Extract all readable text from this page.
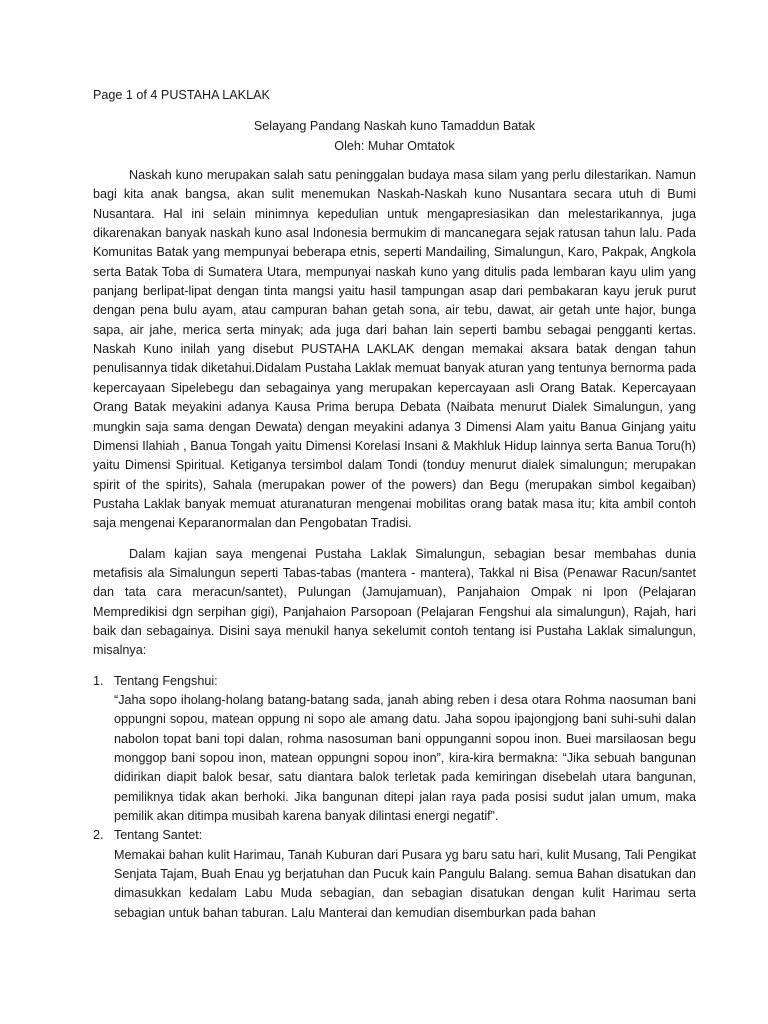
Page 1 of 4 PUSTAHA LAKLAK
Selayang Pandang Naskah kuno Tamaddun Batak
Oleh: Muhar Omtatok

Naskah kuno merupakan salah satu peninggalan budaya masa silam yang perlu dilestarikan. Namun bagi kita anak bangsa, akan sulit menemukan Naskah-Naskah kuno Nusantara secara utuh di Bumi Nusantara. Hal ini selain minimnya kepedulian untuk mengapresiasikan dan melestarikannya, juga dikarenakan banyak naskah kuno asal Indonesia bermukim di mancanegara sejak ratusan tahun lalu. Pada Komunitas Batak yang mempunyai beberapa etnis, seperti Mandailing, Simalungun, Karo, Pakpak, Angkola serta Batak Toba di Sumatera Utara, mempunyai naskah kuno yang ditulis pada lembaran kayu ulim yang panjang berlipat-lipat dengan tinta mangsi yaitu hasil tampungan asap dari pembakaran kayu jeruk purut dengan pena bulu ayam, atau campuran bahan getah sona, air tebu, dawat, air getah unte hajor, bunga sapa, air jahe, merica serta minyak; ada juga dari bahan lain seperti bambu sebagai pengganti kertas. Naskah Kuno inilah yang disebut PUSTAHA LAKLAK dengan memakai aksara batak dengan tahun penulisannya tidak diketahui.Didalam Pustaha Laklak memuat banyak aturan yang tentunya bernorma pada kepercayaan Sipelebegu dan sebagainya yang merupakan kepercayaan asli Orang Batak. Kepercayaan Orang Batak meyakini adanya Kausa Prima berupa Debata (Naibata menurut Dialek Simalungun, yang mungkin saja sama dengan Dewata) dengan meyakini adanya 3 Dimensi Alam yaitu Banua Ginjang yaitu Dimensi Ilahiah , Banua Tongah yaitu Dimensi Korelasi Insani & Makhluk Hidup lainnya serta Banua Toru(h) yaitu Dimensi Spiritual. Ketiganya tersimbol dalam Tondi (tonduy menurut dialek simalungun; merupakan spirit of the spirits), Sahala (merupakan power of the powers) dan Begu (merupakan simbol kegaiban) Pustaha Laklak banyak memuat aturanaturan mengenai mobilitas orang batak masa itu; kita ambil contoh saja mengenai Keparanormalan dan Pengobatan Tradisi.

Dalam kajian saya mengenai Pustaha Laklak Simalungun, sebagian besar membahas dunia metafisis ala Simalungun seperti Tabas-tabas (mantera - mantera), Takkal ni Bisa (Penawar Racun/santet dan tata cara meracun/santet), Pulungan (Jamujamuan), Panjahaion Ompak ni Ipon (Pelajaran Mempredikisi dgn serpihan gigi), Panjahaion Parsopoan (Pelajaran Fengshui ala simalungun), Rajah, hari baik dan sebagainya. Disini saya menukil hanya sekelumit contoh tentang isi Pustaha Laklak simalungun, misalnya:

1. Tentang Fengshui:

“Jaha sopo iholang-holang batang-batang sada, janah abing reben i desa otara Rohma naosuman bani oppungni sopou, matean oppung ni sopo ale amang datu. Jaha sopou ipajongjong bani suhi-suhi dalan nabolon topat bani topi dalan, rohma nasosuman bani oppunganni sopou inon. Buei marsilaosan begu monggop bani sopou inon, matean oppungni sopou inon”, kira-kira bermakna: “Jika sebuah bangunan didirikan diapit balok besar, satu diantara balok terletak pada kemiringan disebelah utara bangunan, pemiliknya tidak akan berhoki. Jika bangunan ditepi jalan raya pada posisi sudut jalan umum, maka pemilik akan ditimpa musibah karena banyak dilintasi energi negatif”.

2. Tentang Santet:

Memakai bahan kulit Harimau, Tanah Kuburan dari Pusara yg baru satu hari, kulit Musang, Tali Pengikat Senjata Tajam, Buah Enau yg berjatuhan dan Pucuk kain Pangulu Balang. semua Bahan disatukan dan dimasukkan kedalam Labu Muda sebagian, dan sebagian disatukan dengan kulit Harimau serta sebagian untuk bahan taburan. Lalu Manterai dan kemudian disemburkan pada bahan
